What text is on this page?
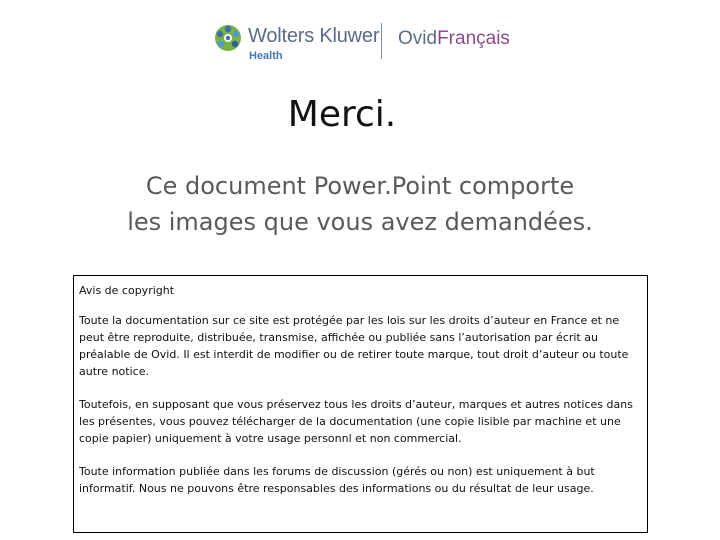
Wolters Kluwer
Health
OvidFrançais
Merci.
Ce document Power.Point comporte
les images que vous avez demandées.

Avis de copyright

Toute la documentation sur ce site est protégée par les lois sur les droits d’auteur en France et ne peut être reproduite, distribuée, transmise, affichée ou publiée sans l’autorisation par écrit au préalable de Ovid. Il est interdit de modifier ou de retirer toute marque, tout droit d’auteur ou toute autre notice.

Toutefois, en supposant que vous préservez tous les droits d’auteur, marques et autres notices dans les présentes, vous pouvez télécharger de la documentation (une copie lisible par machine et une copie papier) uniquement à votre usage personnl et non commercial.

Toute information publiée dans les forums de discussion (gérés ou non) est uniquement à but informatif. Nous ne pouvons être responsables des informations ou du résultat de leur usage.
